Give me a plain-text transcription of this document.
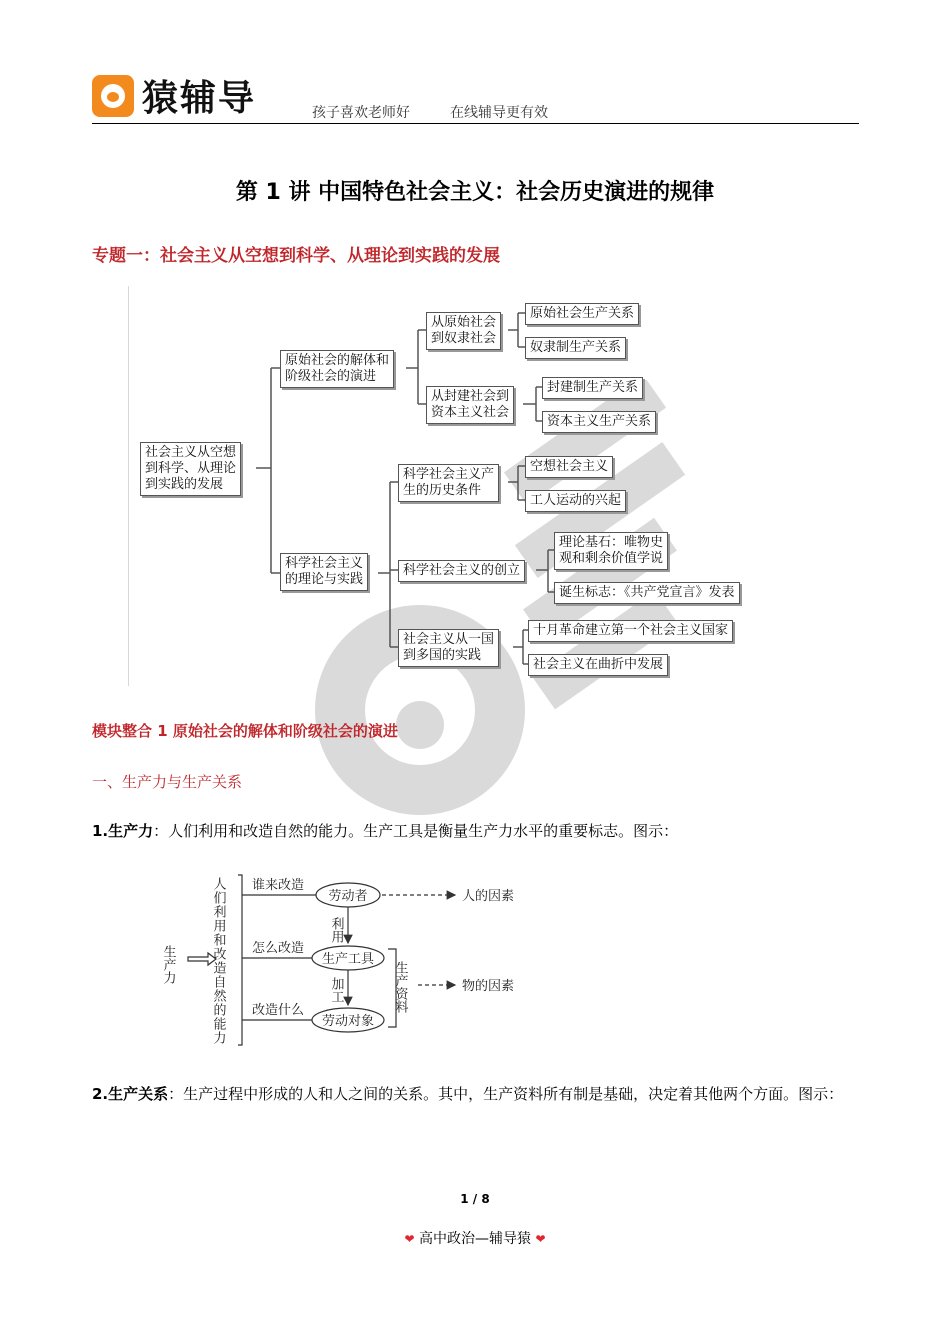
猿辅导	孩子喜欢老师好	在线辅导更有效
第 1 讲 中国特色社会主义：社会历史演进的规律
专题一：社会主义从空想到科学、从理论到实践的发展
社会主义从空想
到科学、从理论
到实践的发展
原始社会的解体和
阶级社会的演进
从原始社会
到奴隶社会
原始社会生产关系
奴隶制生产关系
从封建社会到
资本主义社会
封建制生产关系
资本主义生产关系
科学社会主义
的理论与实践
科学社会主义产
生的历史条件
空想社会主义
工人运动的兴起
科学社会主义的创立
理论基石：唯物史
观和剩余价值学说
诞生标志：《共产党宣言》发表
社会主义从一国
到多国的实践
十月革命建立第一个社会主义国家
社会主义在曲折中发展
模块整合 1 原始社会的解体和阶级社会的演进
一、生产力与生产关系
1.生产力：人们利用和改造自然的能力。生产工具是衡量生产力水平的重要标志。图示：
生产力	人们利用和改造自然的能力 谁来改造
怎么改造
改造什么
劳动者
生产工具
劳动对象
利用
加工	生产资料
人的因素
物的因素
2.生产关系：生产过程中形成的人和人之间的关系。其中，生产资料所有制是基础，决定着其他两个方面。图示：
1 / 8
❤ 高中政治—辅导猿 ❤
